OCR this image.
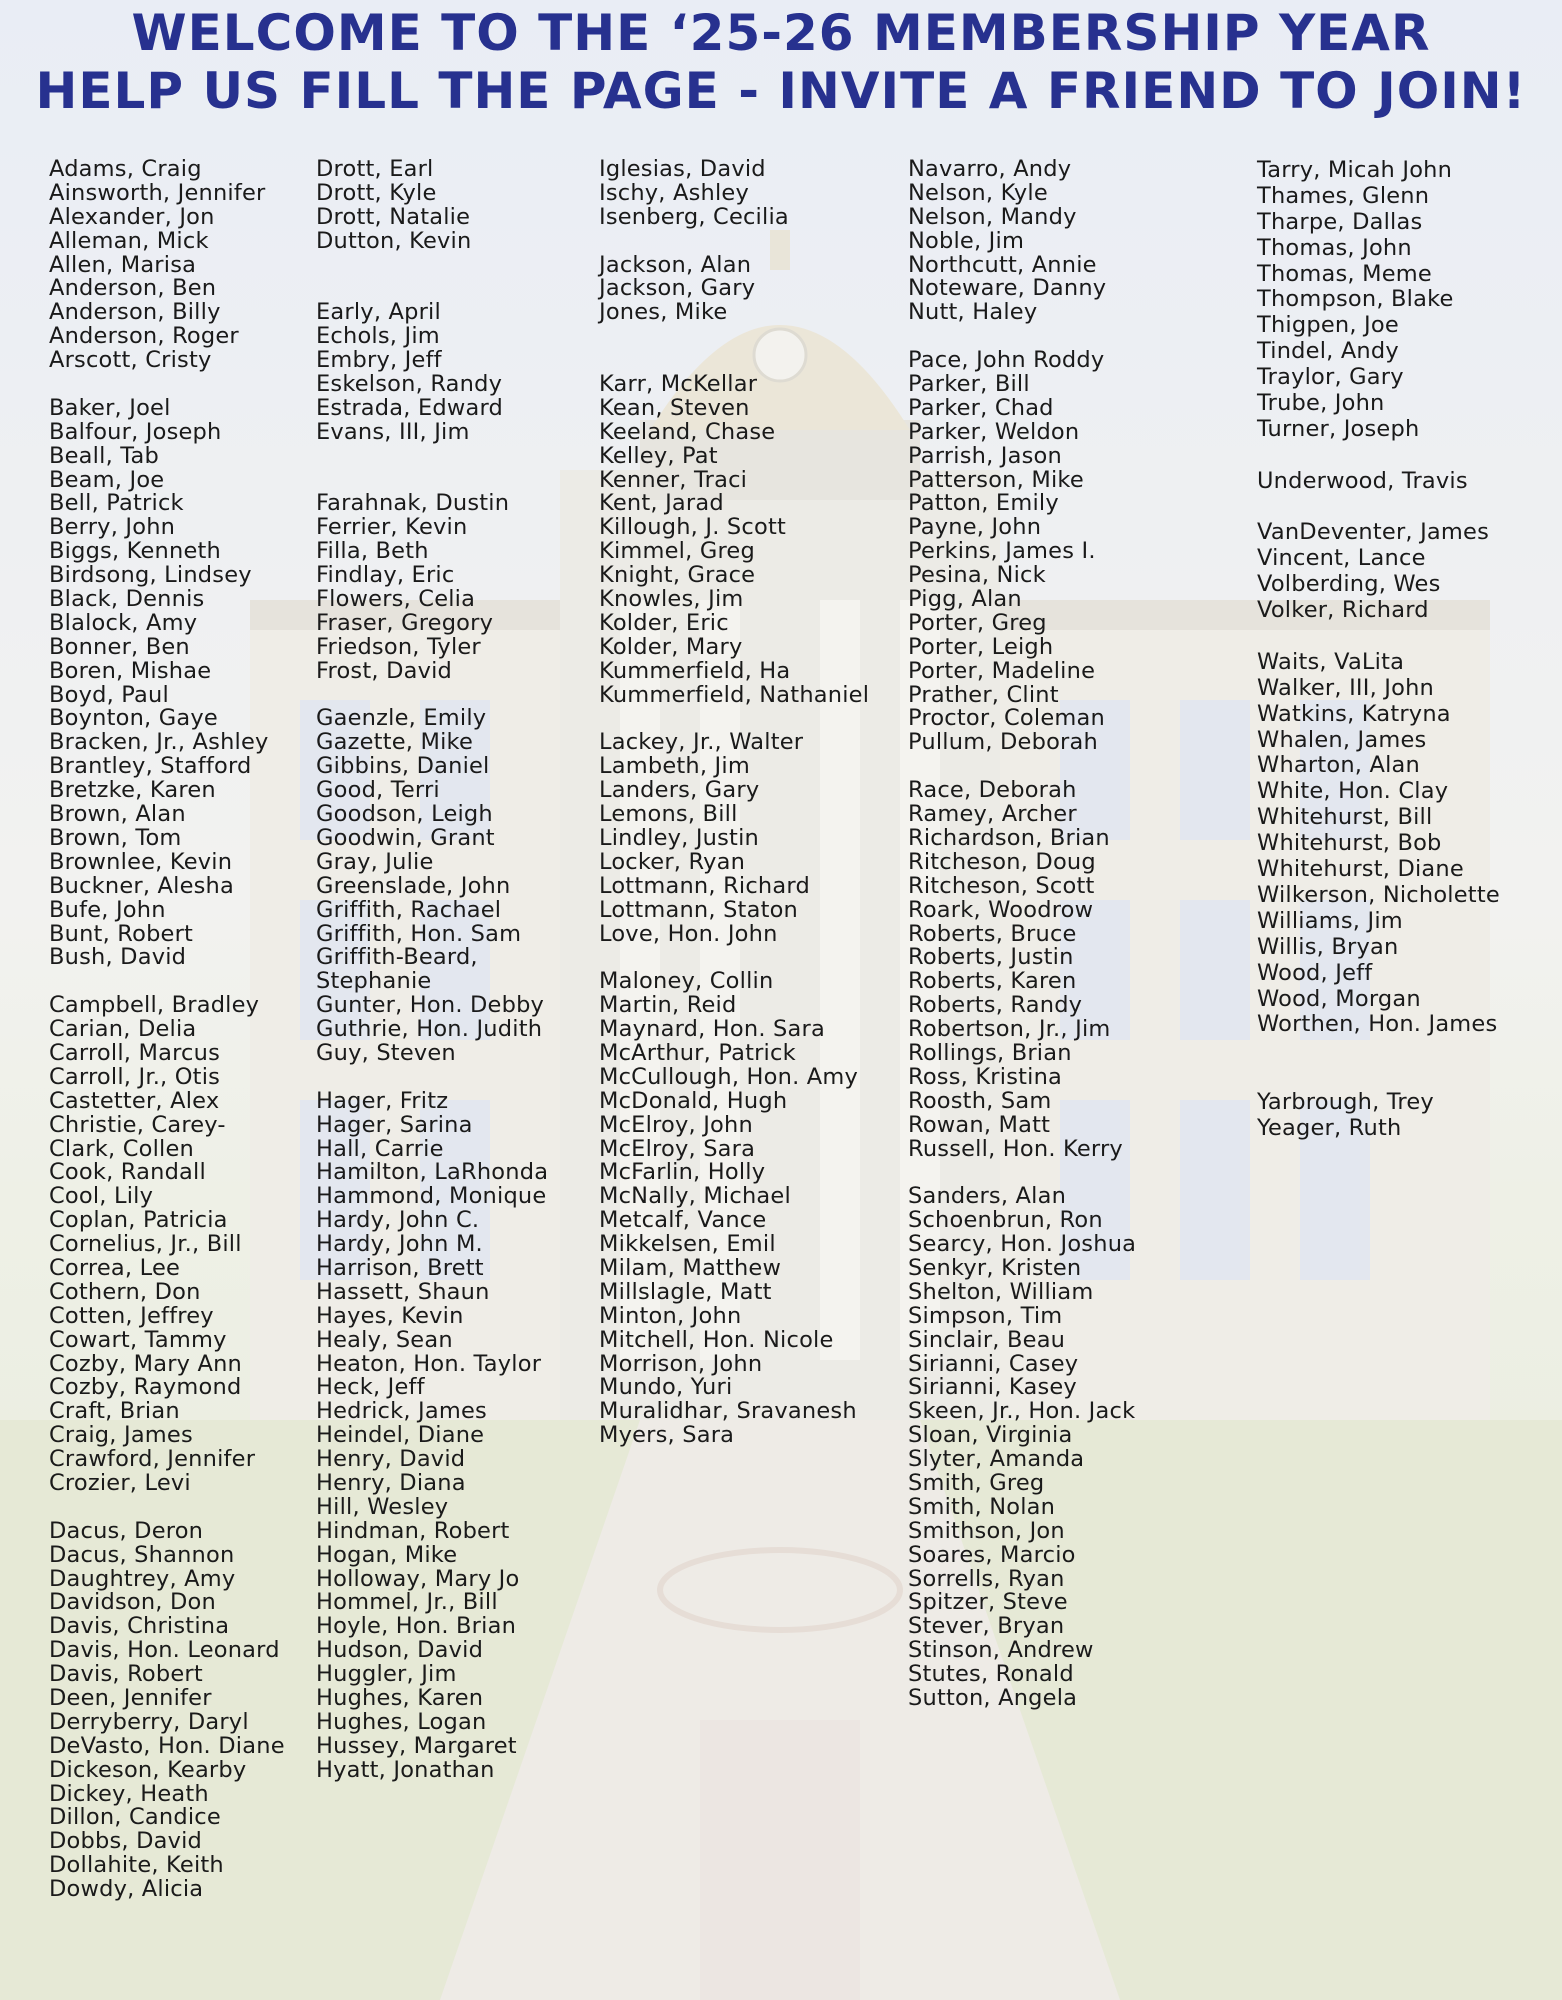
WELCOME TO THE ‘25-26 MEMBERSHIP YEAR
HELP US FILL THE PAGE - INVITE A FRIEND TO JOIN!
Adams, Craig
Ainsworth, Jennifer
Alexander, Jon
Alleman, Mick
Allen, Marisa
Anderson, Ben
Anderson, Billy
Anderson, Roger
Arscott, Cristy
Baker, Joel
Balfour, Joseph
Beall, Tab
Beam, Joe
Bell, Patrick
Berry, John
Biggs, Kenneth
Birdsong, Lindsey
Black, Dennis
Blalock, Amy
Bonner, Ben
Boren, Mishae
Boyd, Paul
Boynton, Gaye
Bracken, Jr., Ashley
Brantley, Stafford
Bretzke, Karen
Brown, Alan
Brown, Tom
Brownlee, Kevin
Buckner, Alesha
Bufe, John
Bunt, Robert
Bush, David
Campbell, Bradley
Carian, Delia
Carroll, Marcus
Carroll, Jr., Otis
Castetter, Alex
Christie, Carey-
Clark, Collen
Cook, Randall
Cool, Lily
Coplan, Patricia
Cornelius, Jr., Bill
Correa, Lee
Cothern, Don
Cotten, Jeffrey
Cowart, Tammy
Cozby, Mary Ann
Cozby, Raymond
Craft, Brian
Craig, James
Crawford, Jennifer
Crozier, Levi
Dacus, Deron
Dacus, Shannon
Daughtrey, Amy
Davidson, Don
Davis, Christina
Davis, Hon. Leonard
Davis, Robert
Deen, Jennifer
Derryberry, Daryl
DeVasto, Hon. Diane
Dickeson, Kearby
Dickey, Heath
Dillon, Candice
Dobbs, David
Dollahite, Keith
Dowdy, Alicia
Drott, Earl
Drott, Kyle
Drott, Natalie
Dutton, Kevin
Early, April
Echols, Jim
Embry, Jeff
Eskelson, Randy
Estrada, Edward
Evans, III, Jim
Farahnak, Dustin
Ferrier, Kevin
Filla, Beth
Findlay, Eric
Flowers, Celia
Fraser, Gregory
Friedson, Tyler
Frost, David
Gaenzle, Emily
Gazette, Mike
Gibbins, Daniel
Good, Terri
Goodson, Leigh
Goodwin, Grant
Gray, Julie
Greenslade, John
Griffith, Rachael
Griffith, Hon. Sam
Griffith-Beard,
Stephanie
Gunter, Hon. Debby
Guthrie, Hon. Judith
Guy, Steven
Hager, Fritz
Hager, Sarina
Hall, Carrie
Hamilton, LaRhonda
Hammond, Monique
Hardy, John C.
Hardy, John M.
Harrison, Brett
Hassett, Shaun
Hayes, Kevin
Healy, Sean
Heaton, Hon. Taylor
Heck, Jeff
Hedrick, James
Heindel, Diane
Henry, David
Henry, Diana
Hill, Wesley
Hindman, Robert
Hogan, Mike
Holloway, Mary Jo
Hommel, Jr., Bill
Hoyle, Hon. Brian
Hudson, David
Huggler, Jim
Hughes, Karen
Hughes, Logan
Hussey, Margaret
Hyatt, Jonathan
Iglesias, David
Ischy, Ashley
Isenberg, Cecilia
Jackson, Alan
Jackson, Gary
Jones, Mike
Karr, McKellar
Kean, Steven
Keeland, Chase
Kelley, Pat
Kenner, Traci
Kent, Jarad
Killough, J. Scott
Kimmel, Greg
Knight, Grace
Knowles, Jim
Kolder, Eric
Kolder, Mary
Kummerfield, Ha
Kummerfield, Nathaniel
Lackey, Jr., Walter
Lambeth, Jim
Landers, Gary
Lemons, Bill
Lindley, Justin
Locker, Ryan
Lottmann, Richard
Lottmann, Staton
Love, Hon. John
Maloney, Collin
Martin, Reid
Maynard, Hon. Sara
McArthur, Patrick
McCullough, Hon. Amy
McDonald, Hugh
McElroy, John
McElroy, Sara
McFarlin, Holly
McNally, Michael
Metcalf, Vance
Mikkelsen, Emil
Milam, Matthew
Millslagle, Matt
Minton, John
Mitchell, Hon. Nicole
Morrison, John
Mundo, Yuri
Muralidhar, Sravanesh
Myers, Sara
Navarro, Andy
Nelson, Kyle
Nelson, Mandy
Noble, Jim
Northcutt, Annie
Noteware, Danny
Nutt, Haley
Pace, John Roddy
Parker, Bill
Parker, Chad
Parker, Weldon
Parrish, Jason
Patterson, Mike
Patton, Emily
Payne, John
Perkins, James I.
Pesina, Nick
Pigg, Alan
Porter, Greg
Porter, Leigh
Porter, Madeline
Prather, Clint
Proctor, Coleman
Pullum, Deborah
Race, Deborah
Ramey, Archer
Richardson, Brian
Ritcheson, Doug
Ritcheson, Scott
Roark, Woodrow
Roberts, Bruce
Roberts, Justin
Roberts, Karen
Roberts, Randy
Robertson, Jr., Jim
Rollings, Brian
Ross, Kristina
Roosth, Sam
Rowan, Matt
Russell, Hon. Kerry
Sanders, Alan
Schoenbrun, Ron
Searcy, Hon. Joshua
Senkyr, Kristen
Shelton, William
Simpson, Tim
Sinclair, Beau
Sirianni, Casey
Sirianni, Kasey
Skeen, Jr., Hon. Jack
Sloan, Virginia
Slyter, Amanda
Smith, Greg
Smith, Nolan
Smithson, Jon
Soares, Marcio
Sorrells, Ryan
Spitzer, Steve
Stever, Bryan
Stinson, Andrew
Stutes, Ronald
Sutton, Angela
Tarry, Micah John
Thames, Glenn
Tharpe, Dallas
Thomas, John
Thomas, Meme
Thompson, Blake
Thigpen, Joe
Tindel, Andy
Traylor, Gary
Trube, John
Turner, Joseph
Underwood, Travis
VanDeventer, James
Vincent, Lance
Volberding, Wes
Volker, Richard
Waits, VaLita
Walker, III, John
Watkins, Katryna
Whalen, James
Wharton, Alan
White, Hon. Clay
Whitehurst, Bill
Whitehurst, Bob
Whitehurst, Diane
Wilkerson, Nicholette
Williams, Jim
Willis, Bryan
Wood, Jeff
Wood, Morgan
Worthen, Hon. James
Yarbrough, Trey
Yeager, Ruth
